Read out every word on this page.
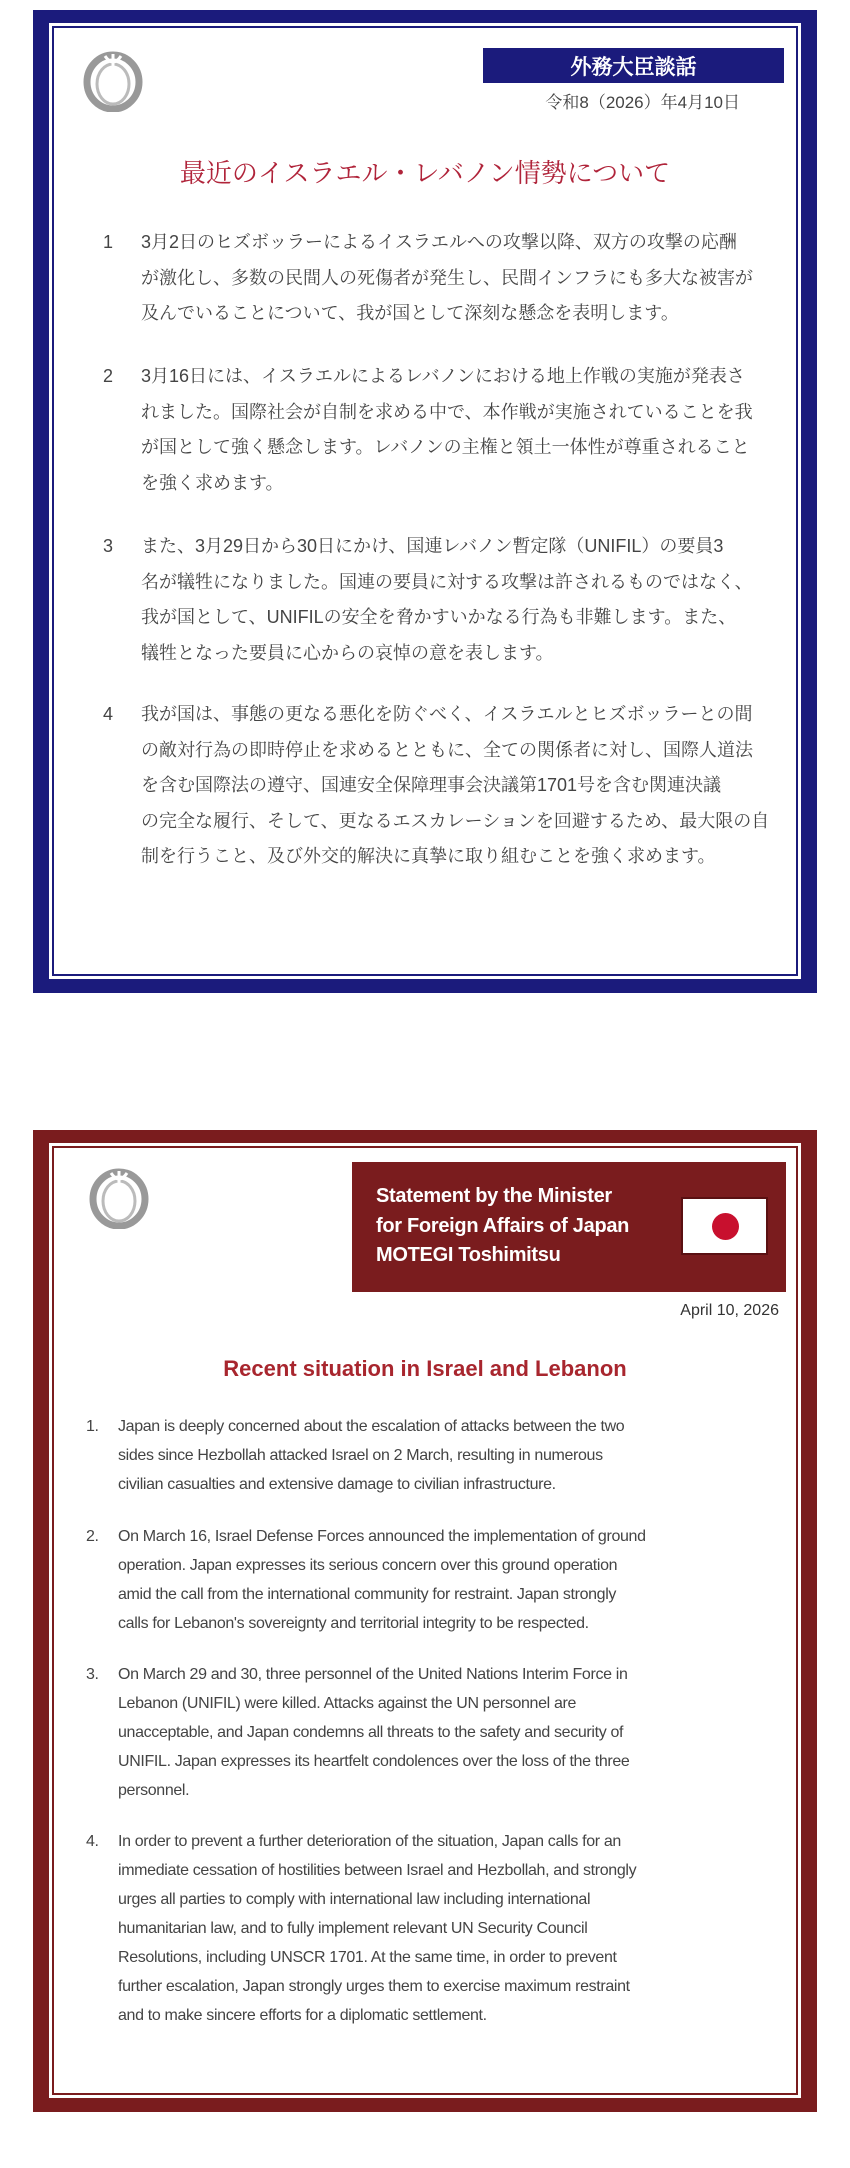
外務大臣談話
令和8（2026）年4月10日
最近のイスラエル・レバノン情勢について
1 3月2日のヒズボッラーによるイスラエルへの攻撃以降、双方の攻撃の応酬
が激化し、多数の民間人の死傷者が発生し、民間インフラにも多大な被害が
及んでいることについて、我が国として深刻な懸念を表明します。
2 3月16日には、イスラエルによるレバノンにおける地上作戦の実施が発表さ
れました。国際社会が自制を求める中で、本作戦が実施されていることを我
が国として強く懸念します。レバノンの主権と領土一体性が尊重されること
を強く求めます。
3 また、3月29日から30日にかけ、国連レバノン暫定隊（UNIFIL）の要員3
名が犠牲になりました。国連の要員に対する攻撃は許されるものではなく、
我が国として、UNIFILの安全を脅かすいかなる行為も非難します。また、
犠牲となった要員に心からの哀悼の意を表します。
4 我が国は、事態の更なる悪化を防ぐべく、イスラエルとヒズボッラーとの間
の敵対行為の即時停止を求めるとともに、全ての関係者に対し、国際人道法
を含む国際法の遵守、国連安全保障理事会決議第1701号を含む関連決議
の完全な履行、そして、更なるエスカレーションを回避するため、最大限の自
制を行うこと、及び外交的解決に真摯に取り組むことを強く求めます。
Statement by the Minister
for Foreign Affairs of Japan
MOTEGI Toshimitsu
April 10, 2026
Recent situation in Israel and Lebanon
1. Japan is deeply concerned about the escalation of attacks between the two
sides since Hezbollah attacked Israel on 2 March, resulting in numerous
civilian casualties and extensive damage to civilian infrastructure.
2. On March 16, Israel Defense Forces announced the implementation of ground
operation. Japan expresses its serious concern over this ground operation
amid the call from the international community for restraint. Japan strongly
calls for Lebanon's sovereignty and territorial integrity to be respected.
3. On March 29 and 30, three personnel of the United Nations Interim Force in
Lebanon (UNIFIL) were killed. Attacks against the UN personnel are
unacceptable, and Japan condemns all threats to the safety and security of
UNIFIL. Japan expresses its heartfelt condolences over the loss of the three
personnel.
4. In order to prevent a further deterioration of the situation, Japan calls for an
immediate cessation of hostilities between Israel and Hezbollah, and strongly
urges all parties to comply with international law including international
humanitarian law, and to fully implement relevant UN Security Council
Resolutions, including UNSCR 1701. At the same time, in order to prevent
further escalation, Japan strongly urges them to exercise maximum restraint
and to make sincere efforts for a diplomatic settlement.
